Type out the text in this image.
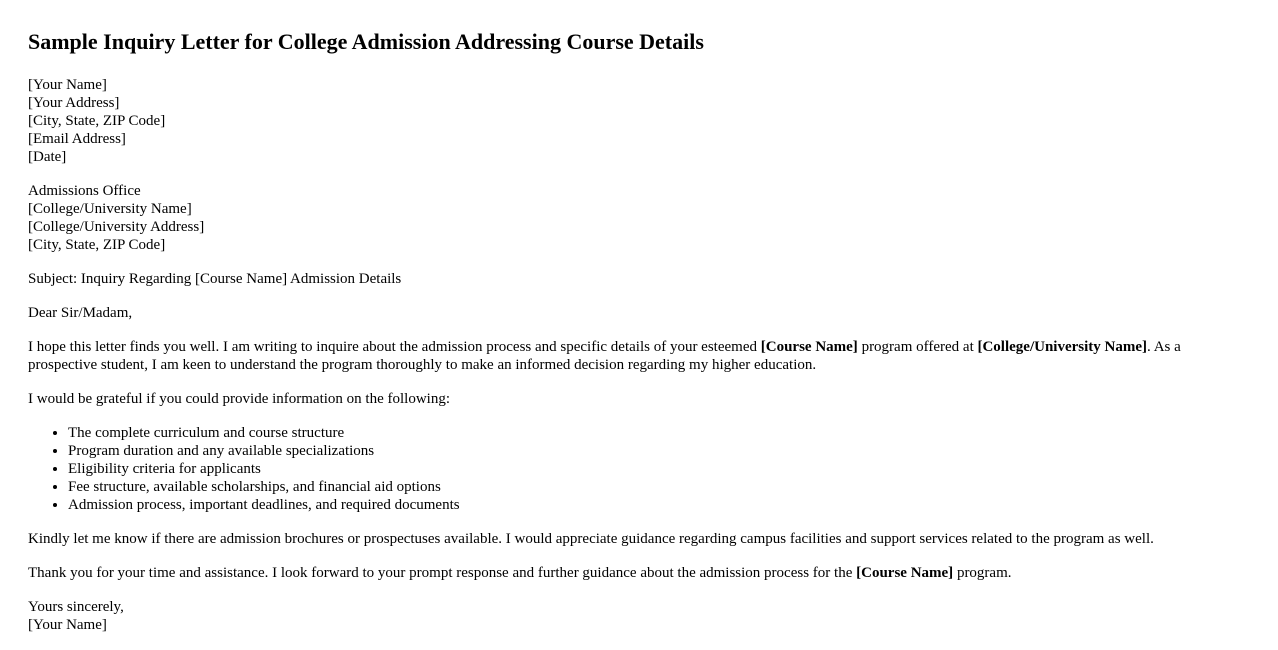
Sample Inquiry Letter for College Admission Addressing Course Details
[Your Name]
[Your Address]
[City, State, ZIP Code]
[Email Address]
[Date]
Admissions Office
[College/University Name]
[College/University Address]
[City, State, ZIP Code]

Subject: Inquiry Regarding [Course Name] Admission Details

Dear Sir/Madam,

I hope this letter finds you well. I am writing to inquire about the admission process and specific details of your esteemed [Course Name] program offered at [College/University Name]. As a prospective student, I am keen to understand the program thoroughly to make an informed decision regarding my higher education.

I would be grateful if you could provide information on the following:

• The complete curriculum and course structure
• Program duration and any available specializations
• Eligibility criteria for applicants
• Fee structure, available scholarships, and financial aid options
• Admission process, important deadlines, and required documents

Kindly let me know if there are admission brochures or prospectuses available. I would appreciate guidance regarding campus facilities and support services related to the program as well.

Thank you for your time and assistance. I look forward to your prompt response and further guidance about the admission process for the [Course Name] program.

Yours sincerely,
[Your Name]
